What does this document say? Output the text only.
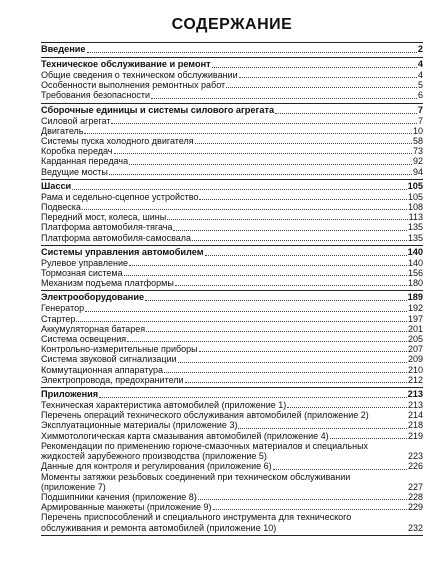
СОДЕРЖАНИЕ
Введение	2
Техническое обслуживание и ремонт	4
Общие сведения о техническом обслуживании	4
Особенности выполнения ремонтных работ	5
Требования безопасности	6
Сборочные единицы и системы силового агрегата	7
Силовой агрегат	7
Двигатель	10
Системы пуска холодного двигателя	58
Коробка передач	73
Карданная передача	92
Ведущие мосты	94
Шасси	105
Рама и седельно-сцепное устройство	105
Подвеска	108
Передний мост, колеса, шины	113
Платформа автомобиля-тягача	135
Платформа автомобиля-самосвала	135
Системы управления автомобилем	140
Рулевое управление	140
Тормозная система	156
Механизм подъема платформы	180
Электрооборудование	189
Генератор	192
Стартер	197
Аккумуляторная батарея	201
Система освещения	205
Контрольно-измерительные приборы	207
Система звуковой сигнализации	209
Коммутационная аппаратура	210
Электропровода, предохранители	212
Приложения	213
Техническая характеристика автомобилей (приложение 1)	213
Перечень операций технического обслуживания автомобилей (приложение 2)	214
Эксплуатационные материалы (приложение 3)	218
Химмотологическая карта смазывания автомобилей (приложение 4)	219
Рекомендации по применению горюче-смазочных материалов и специальных жидкостей зарубежного производства (приложение 5)	223
Данные для контроля и регулирования (приложение 6)	226
Моменты затяжки резьбовых соединений при техническом обслуживании (приложение 7)	227
Подшипники качения (приложение 8)	228
Армированные манжеты (приложение 9)	229
Перечень приспособлений и специального инструмента для технического обслуживания и ремонта автомобилей (приложение 10)	232
